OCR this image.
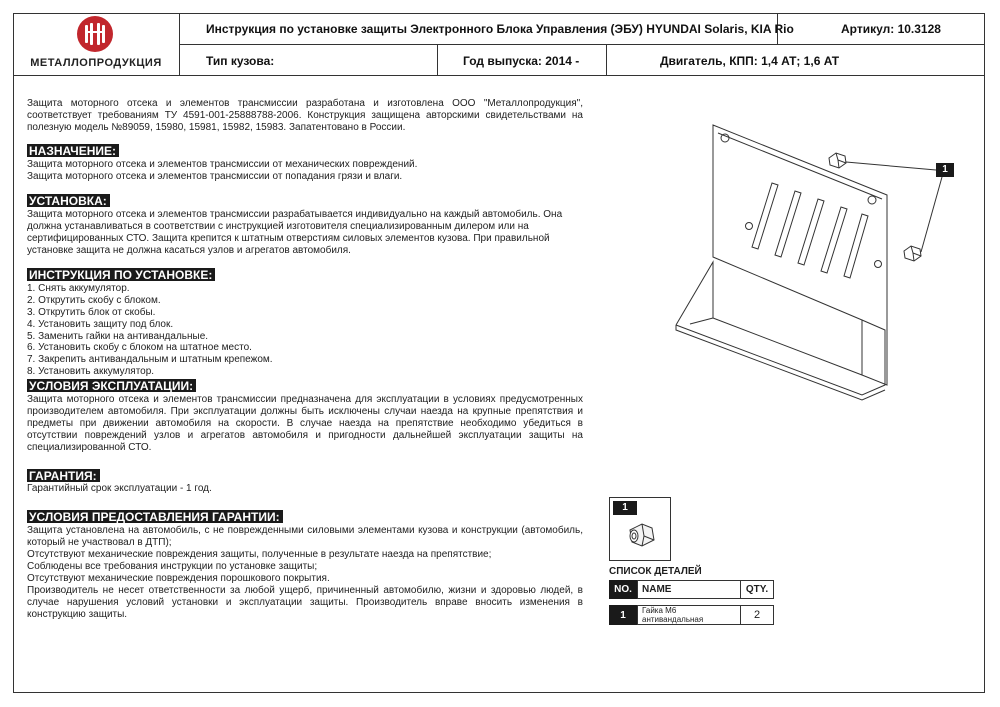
МЕТАЛЛОПРОДУКЦИЯ
Инструкция по установке защиты Электронного Блока Управления (ЭБУ) HYUNDAI Solaris, KIA Rio	Артикул: 10.3128
Тип кузова:	Год выпуска: 2014 -	Двигатель, КПП: 1,4 АТ; 1,6 АТ

Защита моторного отсека и элементов трансмиссии разработана и изготовлена ООО "Металлопродукция", соответствует требованиям ТУ 4591-001-25888788-2006. Конструкция защищена авторскими свидетельствами на полезную модель №89059, 15980, 15981, 15982, 15983. Запатентовано в России.

НАЗНАЧЕНИЕ:

Защита моторного отсека и элементов трансмиссии от механических повреждений.

Защита моторного отсека и элементов трансмиссии от попадания грязи и влаги.

УСТАНОВКА:

Защита моторного отсека и элементов трансмиссии разрабатывается индивидуально на каждый автомобиль. Она должна устанавливаться в соответствии с инструкцией изготовителя специализированным дилером или на сертифицированных СТО. Защита крепится к штатным отверстиям силовых элементов кузова. При правильной установке защита не должна касаться узлов и агрегатов автомобиля.

ИНСТРУКЦИЯ ПО УСТАНОВКЕ:
1. Снять аккумулятор.
2. Открутить скобу с блоком.
3. Открутить блок от скобы.
4. Установить защиту под блок.
5. Заменить гайки на антивандальные.
6. Установить скобу с блоком на штатное место.
7. Закрепить антивандальным и штатным крепежом.
8. Установить аккумулятор.
УСЛОВИЯ ЭКСПЛУАТАЦИИ:

Защита моторного отсека и элементов трансмиссии предназначена для эксплуатации в условиях предусмотренных производителем автомобиля. При эксплуатации должны быть исключены случаи наезда на крупные препятствия и предметы при движении автомобиля на скорости. В случае наезда на препятствие необходимо убедиться в отсутствии повреждений узлов и агрегатов автомобиля и пригодности дальнейшей эксплуатации защиты на специализированной СТО.

ГАРАНТИЯ:

Гарантийный срок эксплуатации - 1 год.

УСЛОВИЯ ПРЕДОСТАВЛЕНИЯ ГАРАНТИИ:

Защита установлена на автомобиль, с не поврежденными силовыми элементами кузова и конструкции (автомобиль, который не участвовал в ДТП);

Отсутствуют механические повреждения защиты, полученные в результате наезда на препятствие;

Соблюдены все требования инструкции по установке защиты;

Отсутствуют механические повреждения порошкового покрытия.

Производитель не несет ответственности за любой ущерб, причиненный автомобилю, жизни и здоровью людей, в случае нарушения условий установки и эксплуатации защиты. Производитель вправе вносить изменения в конструкцию защиты.

1
1
СПИСОК ДЕТАЛЕЙ
NO.	NAME	QTY.

1	Гайка М6 антивандальная	2
